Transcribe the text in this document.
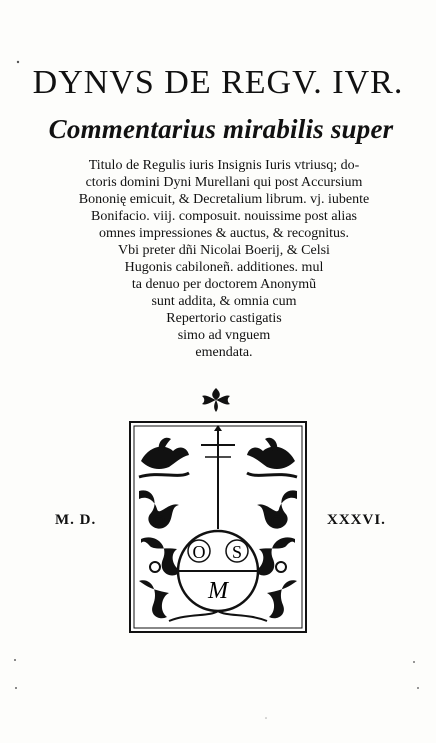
DYNVS DE REGV. IVR.
Commentarius mirabilis super
Titulo de Regulis iuris Insignis Iuris vtriusq; do-
ctoris domini Dyni Murellani qui post Accursium
Bononię emicuit, & Decretalium librum. vj. iubente
Bonifacio. viij. composuit. nouissime post alias
omnes impressiones & auctus, & recognitus.
Vbi preter dñi Nicolai Boerij, & Celsi
Hugonis cabiloneñ. additiones. mul
ta denuo per doctorem Anonymũ
sunt addita, & omnia cum
Repertorio castigatis
simo ad vnguem
emendata.
M. D.	XXXVI.
O S
M
